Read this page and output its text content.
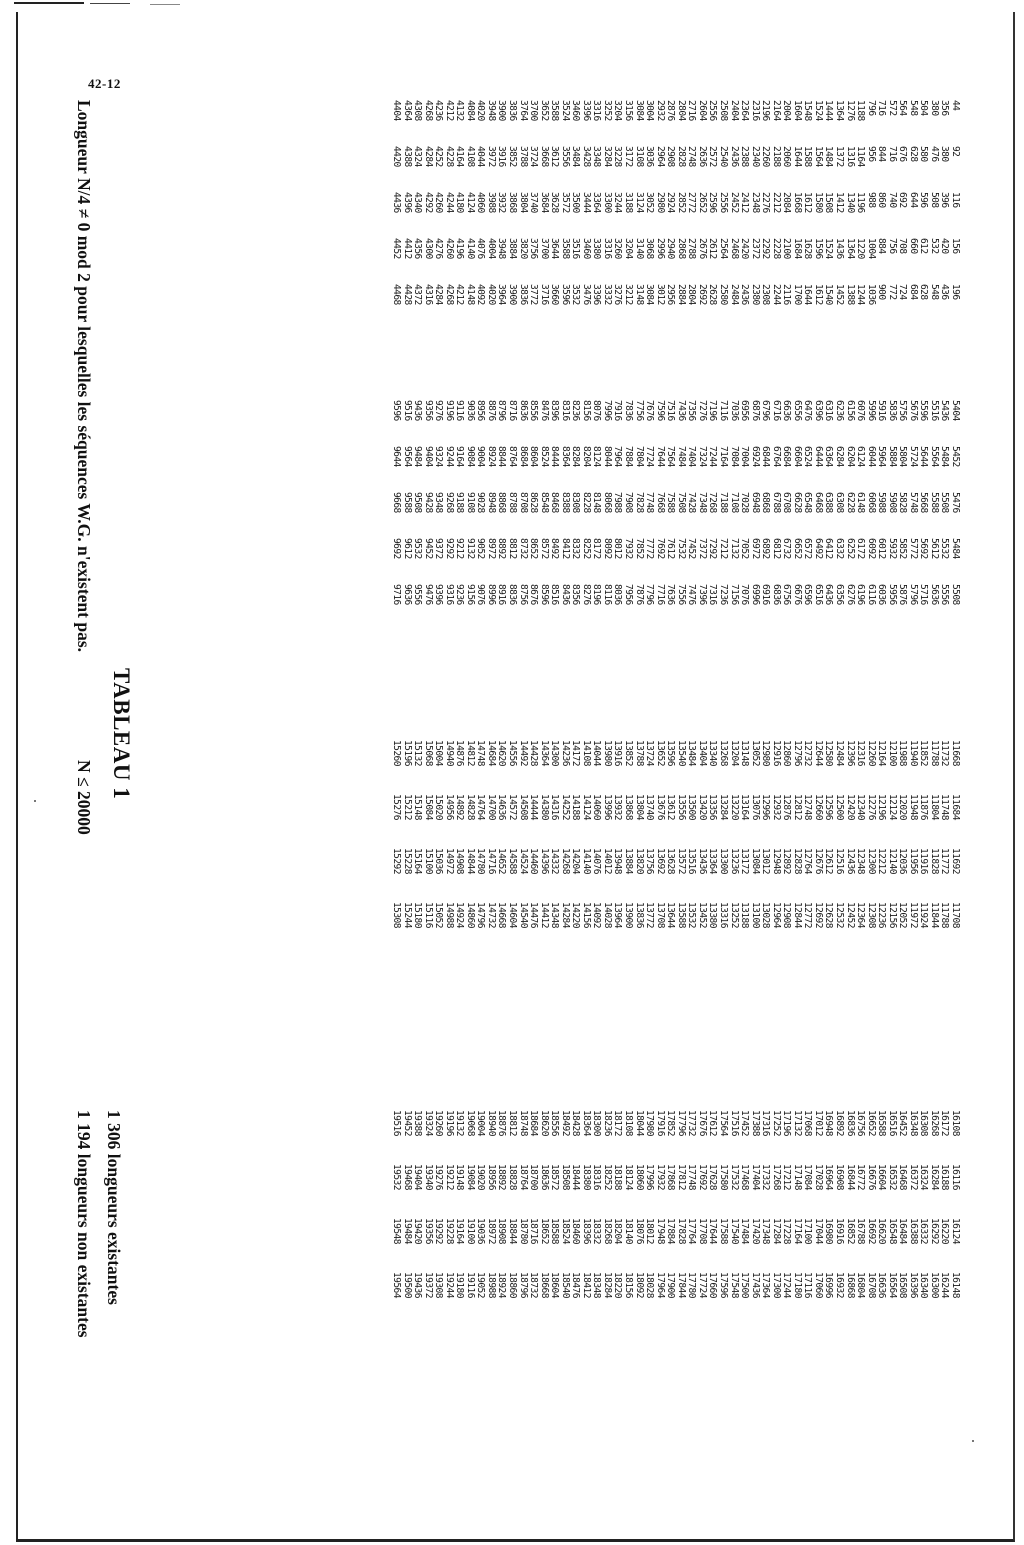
42-12
44
356
380
504
548
564
572
716
796
1188
1276
1364
1444
1524
1548
1604
2004
2164
2196
2316
2364
2404
2508
2556
2604
2716
2804
2876
2932
3004
3084
3156
3204
3252
3316
3396
3460
3524
3588
3652
3700
3764
3836
3900
3948
4020
4084
4132
4212
4236
4268
4308
4364
4404
92
380
476
580
628
676
716
844
956
1164
1316
1372
1484
1564
1588
1644
2060
2188
2260
2340
2388
2436
2540
2572
2636
2748
2828
2908
2964
3036
3108
3172
3228
3284
3348
3428
3484
3556
3612
3668
3724
3788
3852
3916
3972
4044
4108
4164
4228
4252
4284
4324
4388
4420
116
396
508
596
644
692
740
860
988
1196
1340
1412
1508
1580
1612
1668
2084
2212
2276
2348
2412
2452
2556
2596
2652
2772
2852
2924
2980
3052
3124
3188
3244
3300
3364
3444
3500
3572
3628
3684
3740
3804
3868
3932
3988
4060
4124
4180
4244
4260
4292
4340
4396
4436
156
420
532
612
660
708
756
884
1004
1220
1364
1436
1524
1596
1628
1684
2100
2228
2292
2372
2420
2468
2564
2612
2676
2788
2868
2940
2996
3068
3140
3204
3260
3316
3380
3460
3516
3588
3644
3700
3756
3820
3884
3948
4004
4076
4140
4196
4260
4276
4300
4356
4412
4452
196
436
548
628
684
724
772
900
1036
1244
1388
1452
1540
1612
1644
1700
2116
2244
2308
2380
2436
2484
2580
2628
2692
2804
2884
2956
3012
3084
3148
3212
3276
3332
3396
3476
3532
3596
3660
3716
3772
3836
3900
3964
4020
4092
4148
4212
4268
4284
4316
4372
4428
4468
5404
5436
5516
5596
5676
5756
5836
5916
5996
6076
6156
6236
6316
6396
6476
6556
6636
6716
6796
6876
6956
7036
7116
7196
7276
7356
7436
7516
7596
7676
7756
7836
7916
7996
8076
8156
8236
8316
8396
8476
8556
8636
8716
8796
8876
8956
9036
9116
9196
9276
9356
9436
9516
9596
5452
5484
5564
5644
5724
5804
5884
5964
6044
6124
6204
6284
6364
6444
6524
6604
6684
6764
6844
6924
7004
7084
7164
7244
7324
7404
7484
7564
7644
7724
7804
7884
7964
8044
8124
8204
8284
8364
8444
8524
8604
8684
8764
8844
8924
9004
9084
9164
9244
9324
9404
9484
9564
9644
5476
5508
5588
5668
5748
5828
5908
5988
6068
6148
6228
6308
6388
6468
6548
6628
6708
6788
6868
6948
7028
7108
7188
7268
7348
7428
7508
7588
7668
7748
7828
7908
7988
8068
8148
8228
8308
8388
8468
8548
8628
8708
8788
8868
8948
9028
9108
9188
9268
9348
9428
9508
9588
9668
5484
5532
5612
5692
5772
5852
5932
6012
6092
6172
6252
6332
6412
6492
6572
6652
6732
6812
6892
6972
7052
7132
7212
7292
7372
7452
7532
7612
7692
7772
7852
7932
8012
8092
8172
8252
8332
8412
8492
8572
8652
8732
8812
8892
8972
9052
9132
9212
9292
9372
9452
9532
9612
9692
5508
5556
5636
5716
5796
5876
5956
6036
6116
6196
6276
6356
6436
6516
6596
6676
6756
6836
6916
6996
7076
7156
7236
7316
7396
7476
7556
7636
7716
7796
7876
7956
8036
8116
8196
8276
8356
8436
8516
8596
8676
8756
8836
8916
8996
9076
9156
9236
9316
9396
9476
9556
9636
9716
11668
11732
11788
11852
11940
11988
12100
12164
12260
12316
12396
12484
12580
12644
12732
12796
12860
12916
12980
13052
13148
13204
13268
13340
13404
13484
13540
13596
13652
13724
13788
13852
13916
13980
14044
14108
14172
14236
14300
14364
14428
14492
14556
14620
14684
14748
14812
14876
14940
15004
15068
15132
15196
15260
11684
11748
11804
11876
11948
12020
12124
12196
12276
12340
12420
12500
12596
12660
12748
12812
12876
12932
12996
13076
13164
13220
13284
13356
13420
13500
13556
13612
13676
13740
13804
13868
13932
13996
14060
14124
14188
14252
14316
14380
14444
14508
14572
14636
14700
14764
14828
14892
14956
15020
15084
15148
15212
15276
11692
11772
11828
11916
11956
12036
12140
12212
12300
12348
12436
12516
12612
12676
12764
12828
12892
12948
13012
13084
13172
13236
13300
13364
13436
13516
13572
13628
13692
13756
13820
13884
13948
14012
14076
14140
14204
14268
14332
14396
14460
14524
14588
14652
14716
14780
14844
14908
14972
15036
15100
15164
15228
15292
11708
11788
11844
11924
11972
12052
12156
12236
12308
12364
12452
12532
12628
12692
12772
12844
12908
12964
13028
13100
13188
13252
13316
13380
13452
13532
13588
13644
13708
13772
13836
13900
13964
14028
14092
14156
14220
14284
14348
14412
14476
14540
14604
14668
14732
14796
14860
14924
14988
15052
15116
15180
15244
15308
16108
16172
16268
16308
16348
16452
16516
16588
16652
16756
16836
16892
16948
17012
17068
17132
17196
17252
17316
17388
17452
17516
17564
17612
17676
17732
17796
17852
17916
17980
18044
18108
18172
18236
18300
18364
18428
18492
18556
18620
18684
18748
18812
18876
18940
19004
19068
19132
19196
19260
19324
19388
19452
19516
16116
16188
16284
16324
16372
16468
16532
16604
16676
16772
16844
16908
16964
17028
17084
17148
17212
17268
17332
17404
17468
17532
17580
17628
17692
17748
17812
17868
17932
17996
18060
18124
18188
18252
18316
18380
18444
18508
18572
18636
18700
18764
18828
18892
18956
19020
19084
19148
19212
19276
19340
19404
19468
19532
16124
16220
16292
16332
16388
16484
16548
16620
16692
16788
16852
16916
16980
17044
17100
17164
17228
17284
17348
17420
17484
17540
17588
17644
17708
17764
17828
17884
17948
18012
18076
18140
18204
18268
18332
18396
18460
18524
18588
18652
18716
18780
18844
18908
18972
19036
19100
19164
19228
19292
19356
19420
19484
19548
16148
16244
16300
16340
16396
16508
16564
16636
16708
16804
16868
16932
16996
17060
17116
17180
17244
17300
17364
17436
17500
17548
17596
17660
17724
17780
17844
17900
17964
18028
18092
18156
18220
18284
18348
18412
18476
18540
18604
18668
18732
18796
18860
18924
18988
19052
19116
19180
19244
19308
19372
19436
19500
19564
TABLEAU 1
Longueur N/4 ≠ 0 mod 2 pour lesquelles les séquences W.G. n'existent pas.
N ≤ 20000
1 306 longueurs existantes
1 194 longueurs non existantes
